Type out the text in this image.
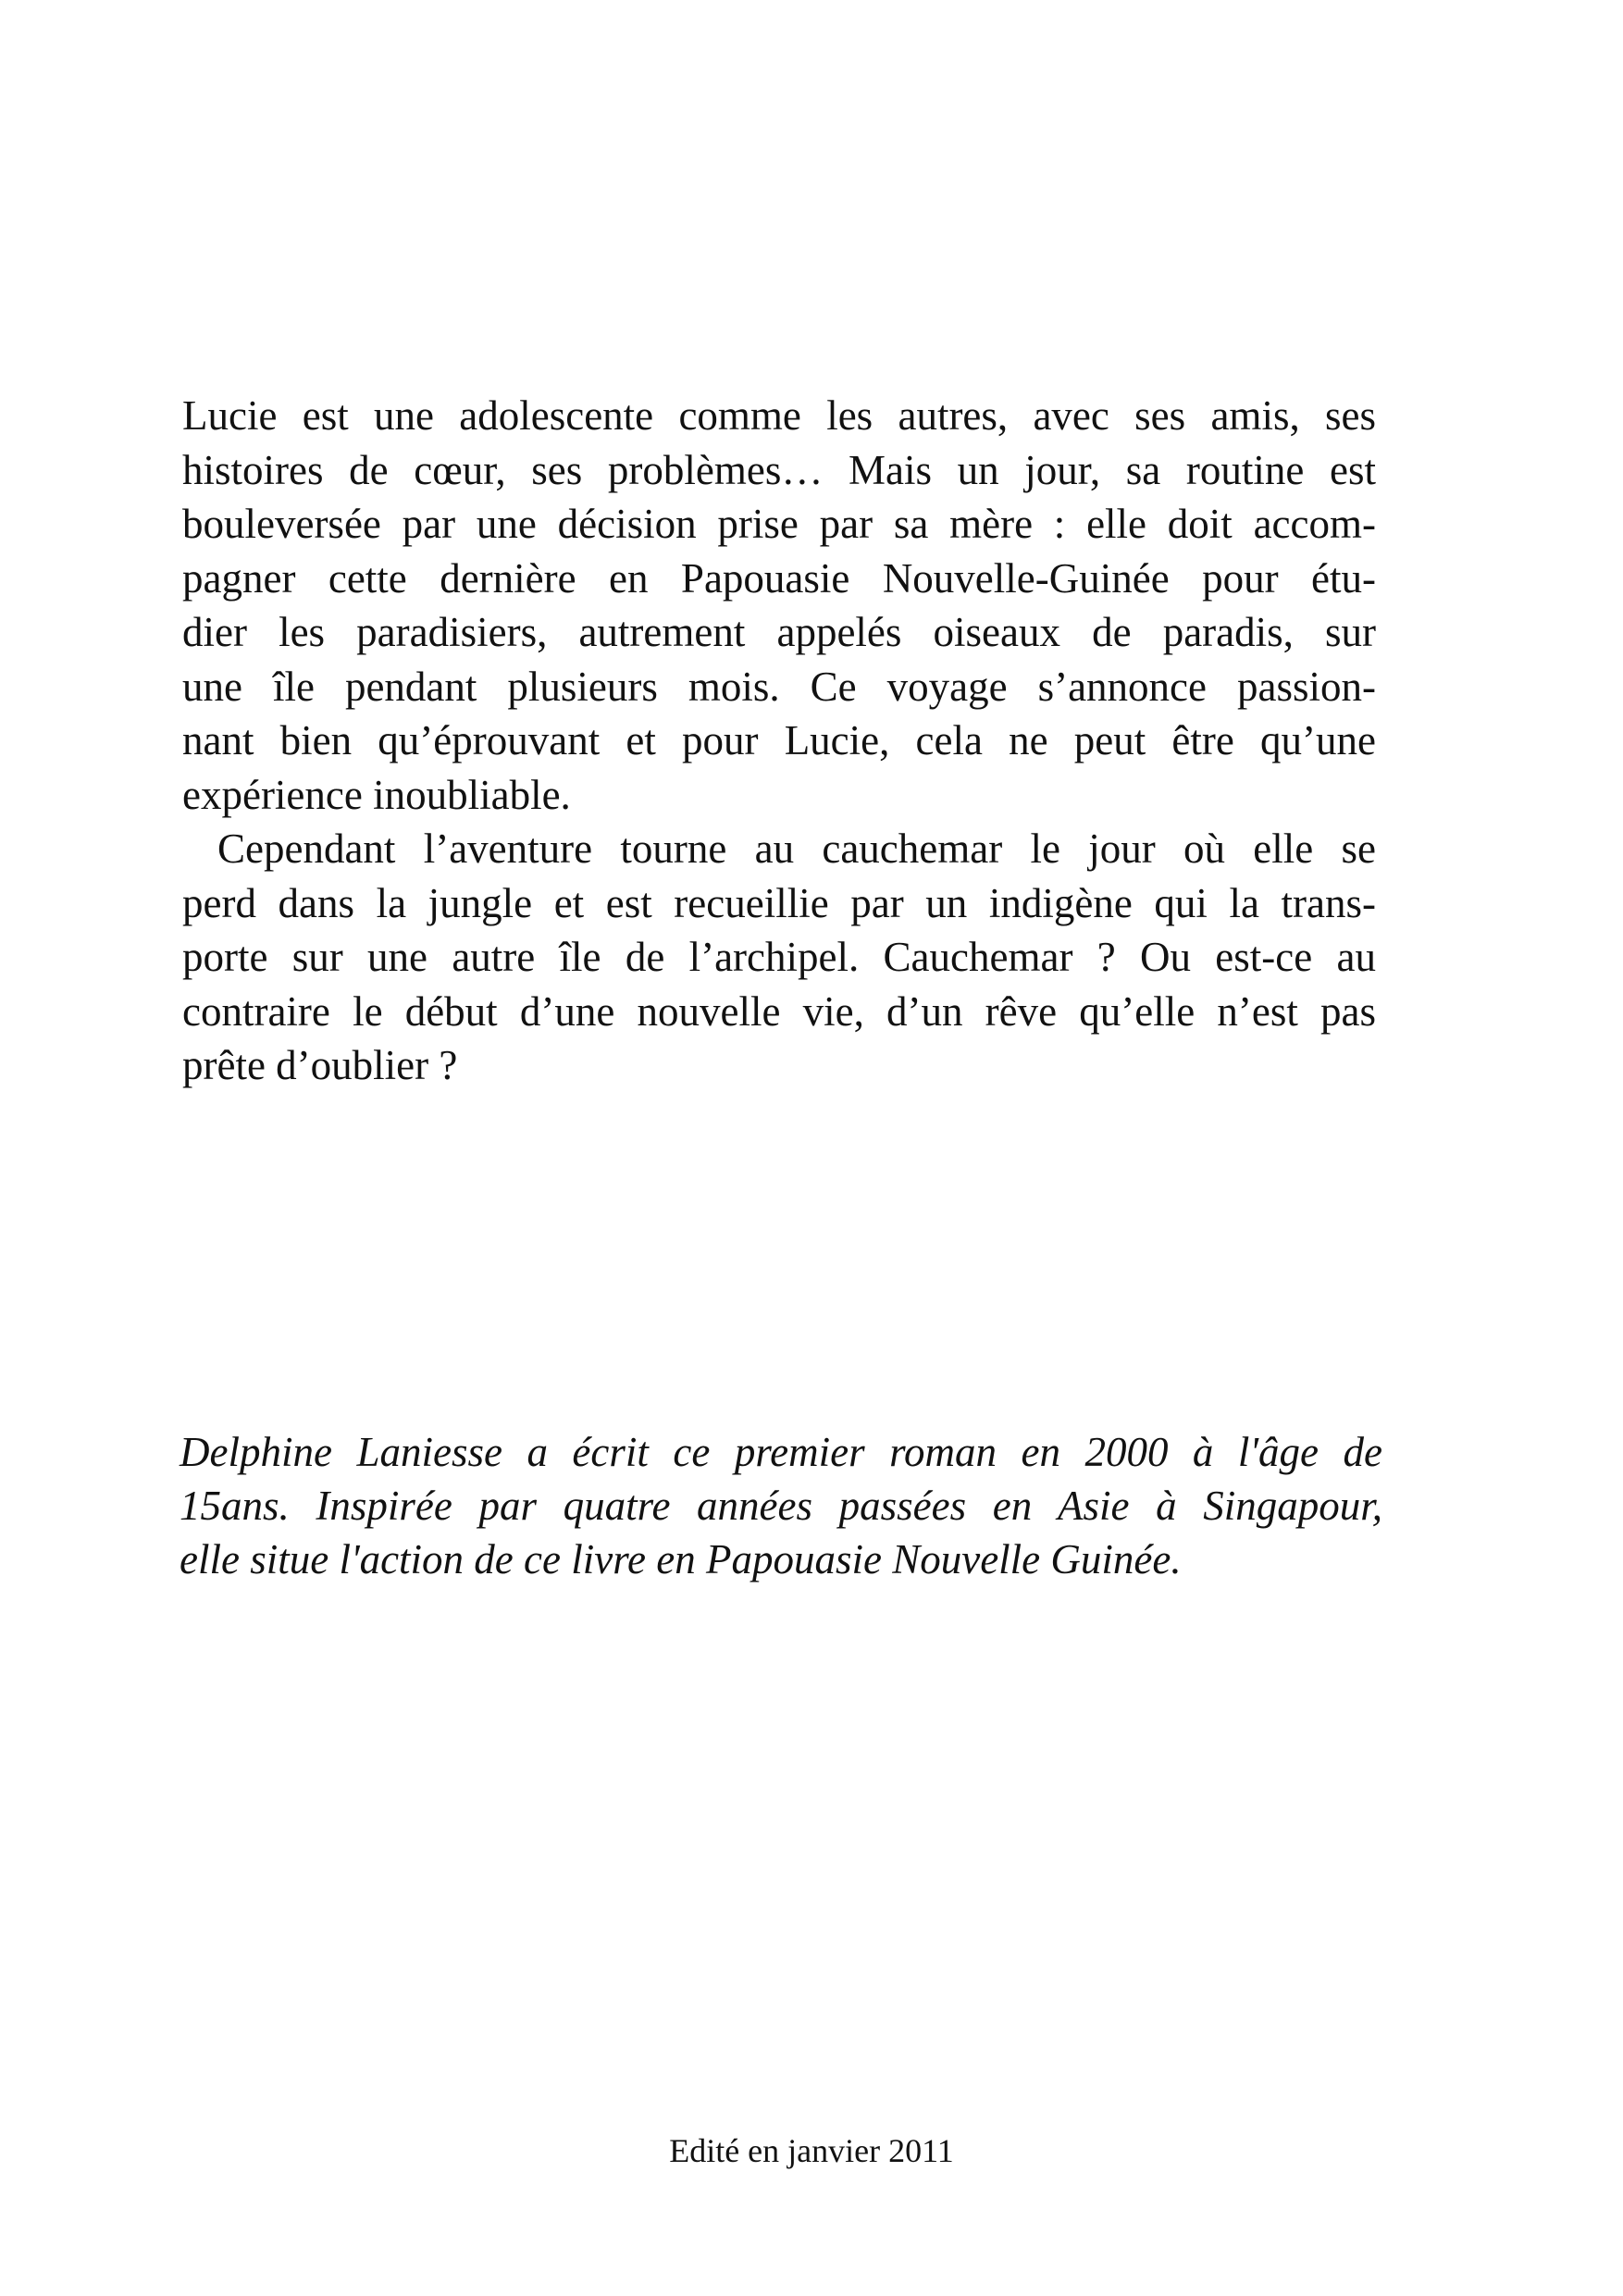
Lucie est une adolescente comme les autres, avec ses amis, ses
histoires de cœur, ses problèmes… Mais un jour, sa routine est
bouleversée par une décision prise par sa mère : elle doit accom-
pagner cette dernière en Papouasie Nouvelle-Guinée pour étu-
dier les paradisiers, autrement appelés oiseaux de paradis, sur
une île pendant plusieurs mois. Ce voyage s’annonce passion-
nant bien qu’éprouvant et pour Lucie, cela ne peut être qu’une
expérience inoubliable.
Cependant l’aventure tourne au cauchemar le jour où elle se
perd dans la jungle et est recueillie par un indigène qui la trans-
porte sur une autre île de l’archipel. Cauchemar ? Ou est-ce au
contraire le début d’une nouvelle vie, d’un rêve qu’elle n’est pas
prête d’oublier ?
Delphine Laniesse a écrit ce premier roman en 2000 à l'âge de
15ans. Inspirée par quatre années passées en Asie à Singapour,
elle situe l'action de ce livre en Papouasie Nouvelle Guinée.
Edité en janvier 2011
